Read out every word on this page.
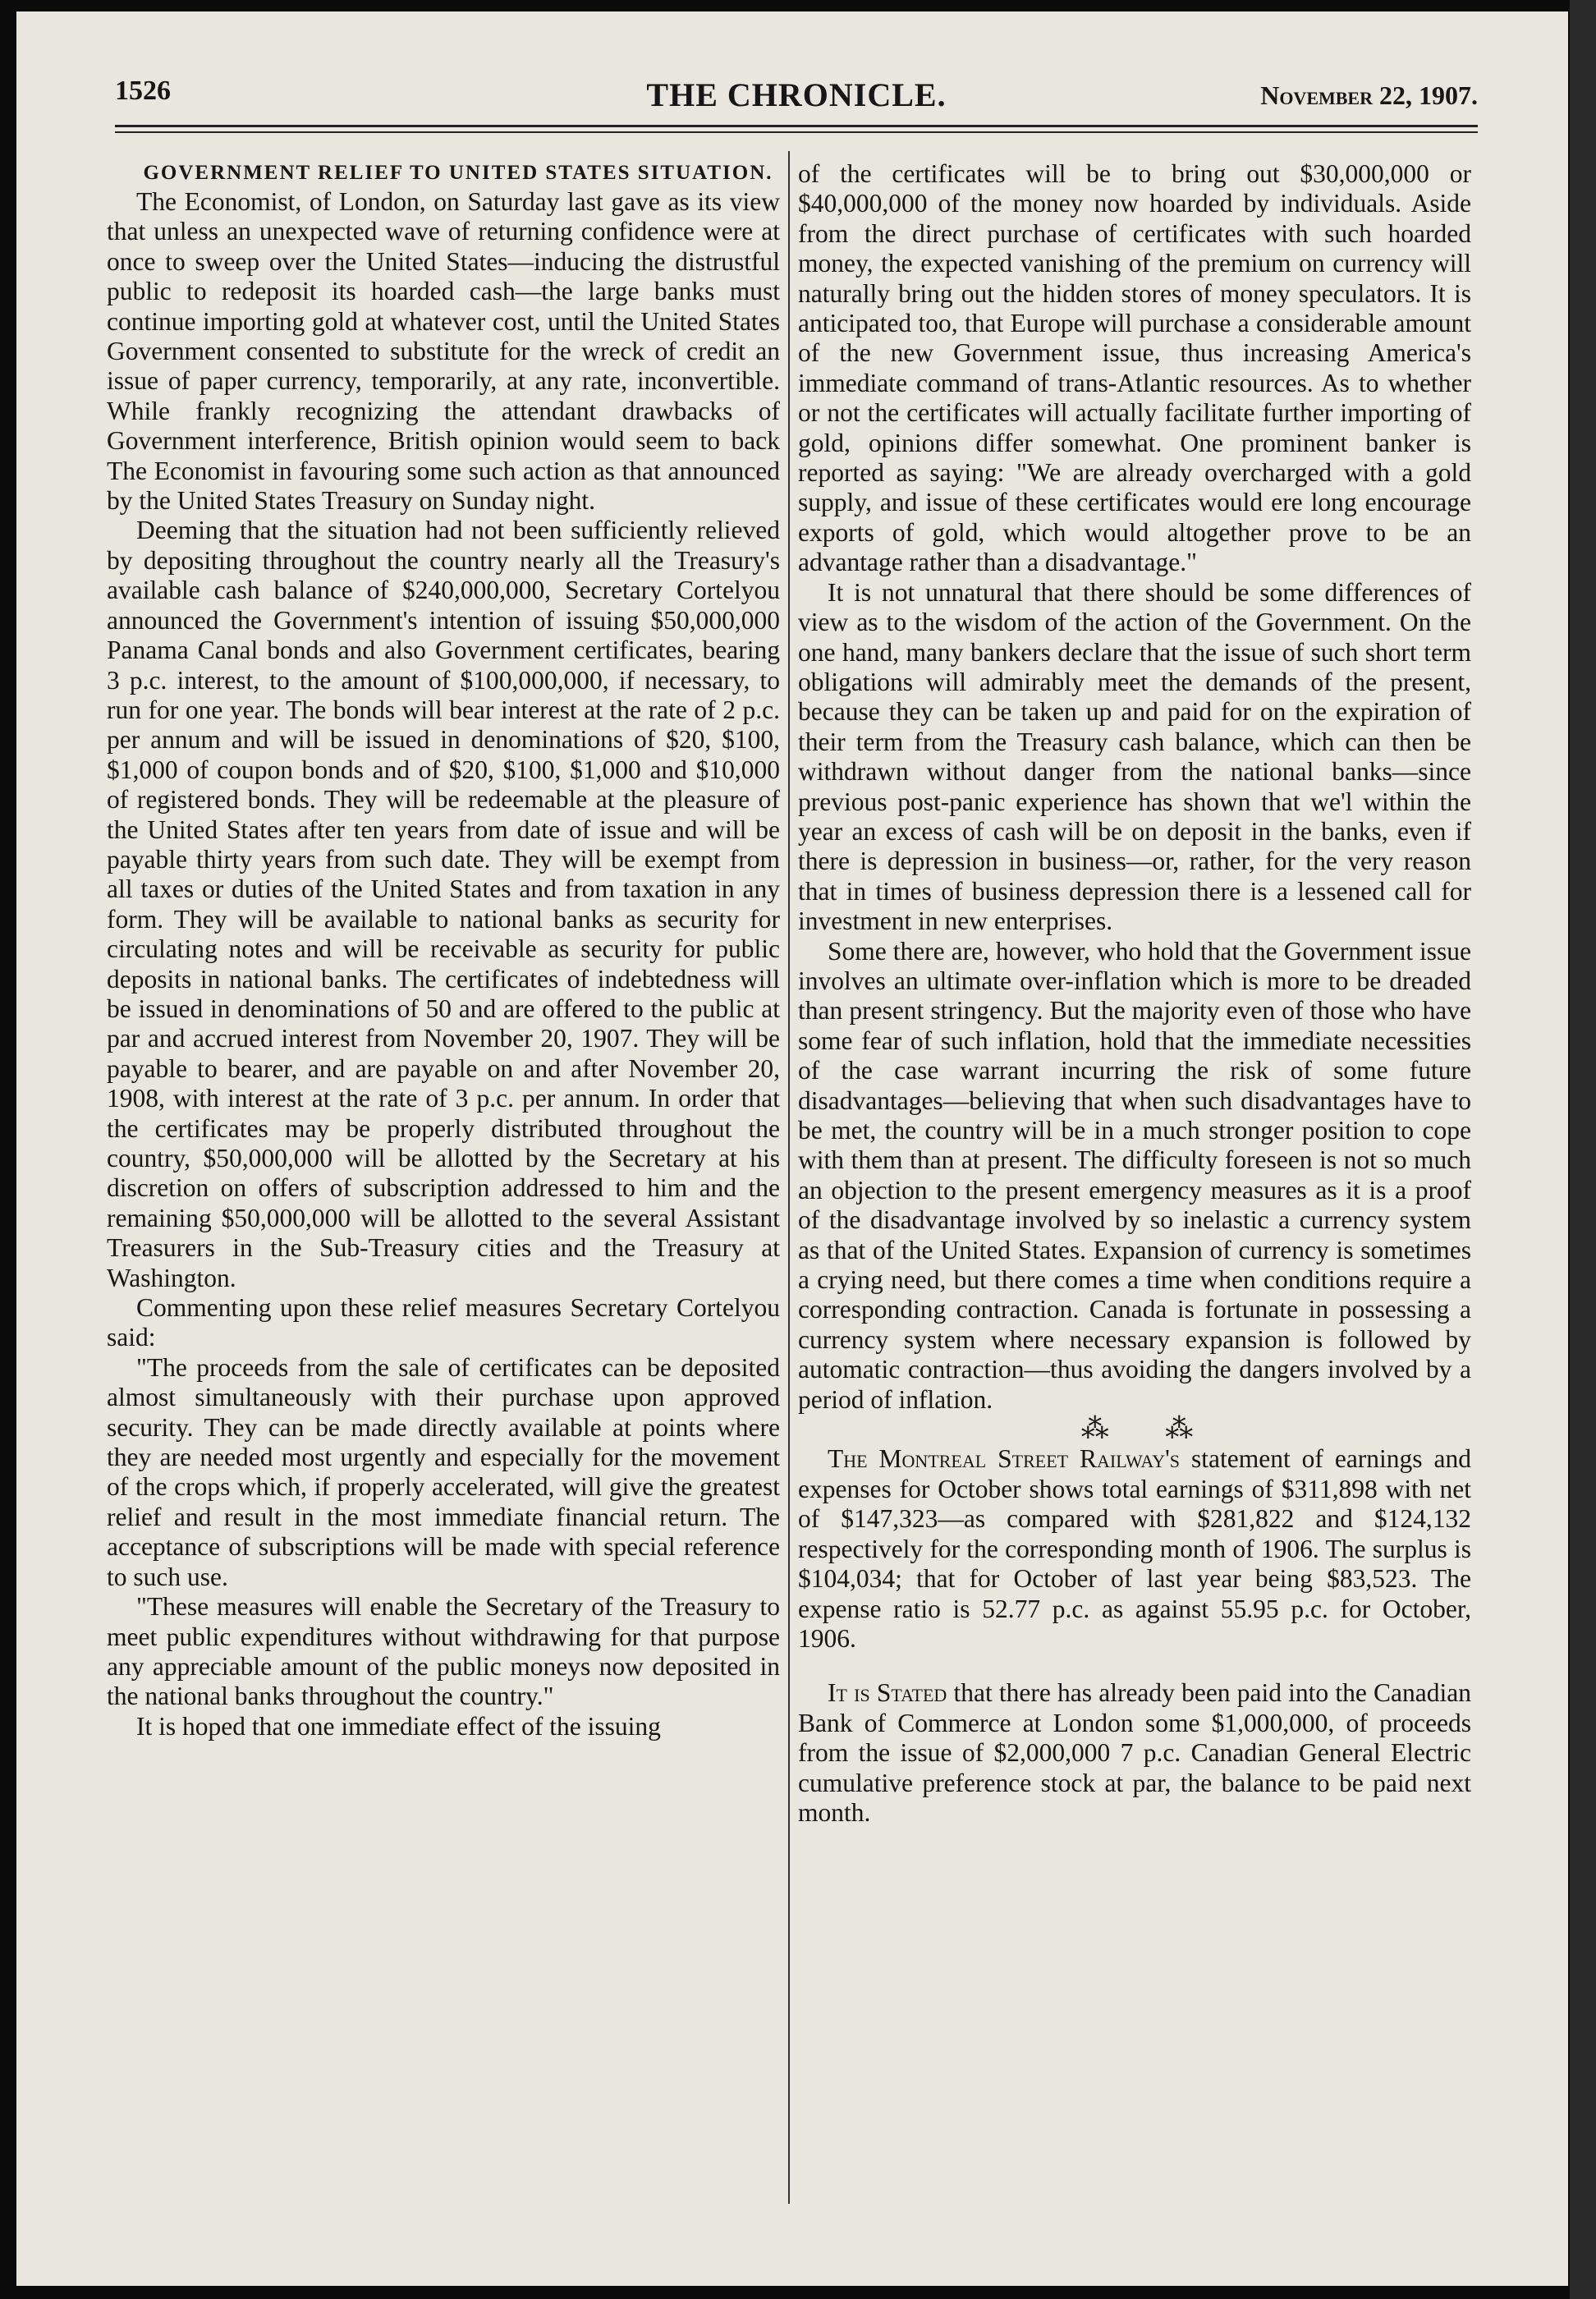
1526	THE CHRONICLE.	November 22, 1907.

GOVERNMENT RELIEF TO UNITED STATES SITUATION.

The Economist, of London, on Saturday last gave as its view that unless an unexpected wave of returning confidence were at once to sweep over the United States—inducing the distrustful public to redeposit its hoarded cash—the large banks must continue importing gold at whatever cost, until the United States Government consented to substitute for the wreck of credit an issue of paper currency, temporarily, at any rate, inconvertible. While frankly recognizing the attendant drawbacks of Government interference, British opinion would seem to back The Economist in favouring some such action as that announced by the United States Treasury on Sunday night.

Deeming that the situation had not been sufficiently relieved by depositing throughout the country nearly all the Treasury's available cash balance of $240,000,000, Secretary Cortelyou announced the Government's intention of issuing $50,000,000 Panama Canal bonds and also Government certificates, bearing 3 p.c. interest, to the amount of $100,000,000, if necessary, to run for one year. The bonds will bear interest at the rate of 2 p.c. per annum and will be issued in denominations of $20, $100, $1,000 of coupon bonds and of $20, $100, $1,000 and $10,000 of registered bonds. They will be redeemable at the pleasure of the United States after ten years from date of issue and will be payable thirty years from such date. They will be exempt from all taxes or duties of the United States and from taxation in any form. They will be available to national banks as security for circulating notes and will be receivable as security for public deposits in national banks. The certificates of indebtedness will be issued in denominations of 50 and are offered to the public at par and accrued interest from November 20, 1907. They will be payable to bearer, and are payable on and after November 20, 1908, with interest at the rate of 3 p.c. per annum. In order that the certificates may be properly distributed throughout the country, $50,000,000 will be allotted by the Secretary at his discretion on offers of subscription addressed to him and the remaining $50,000,000 will be allotted to the several Assistant Treasurers in the Sub-Treasury cities and the Treasury at Washington.

Commenting upon these relief measures Secretary Cortelyou said:

"The proceeds from the sale of certificates can be deposited almost simultaneously with their purchase upon approved security. They can be made directly available at points where they are needed most urgently and especially for the movement of the crops which, if properly accelerated, will give the greatest relief and result in the most immediate financial return. The acceptance of subscriptions will be made with special reference to such use.

"These measures will enable the Secretary of the Treasury to meet public expenditures without withdrawing for that purpose any appreciable amount of the public moneys now deposited in the national banks throughout the country."

It is hoped that one immediate effect of the issuing

of the certificates will be to bring out $30,000,000 or $40,000,000 of the money now hoarded by individuals. Aside from the direct purchase of certificates with such hoarded money, the expected vanishing of the premium on currency will naturally bring out the hidden stores of money speculators. It is anticipated too, that Europe will purchase a considerable amount of the new Government issue, thus increasing America's immediate command of trans-Atlantic resources. As to whether or not the certificates will actually facilitate further importing of gold, opinions differ somewhat. One prominent banker is reported as saying: "We are already overcharged with a gold supply, and issue of these certificates would ere long encourage exports of gold, which would altogether prove to be an advantage rather than a disadvantage."

It is not unnatural that there should be some differences of view as to the wisdom of the action of the Government. On the one hand, many bankers declare that the issue of such short term obligations will admirably meet the demands of the present, because they can be taken up and paid for on the expiration of their term from the Treasury cash balance, which can then be withdrawn without danger from the national banks—since previous post-panic experience has shown that we'l within the year an excess of cash will be on deposit in the banks, even if there is depression in business—or, rather, for the very reason that in times of business depression there is a lessened call for investment in new enterprises.

Some there are, however, who hold that the Government issue involves an ultimate over-inflation which is more to be dreaded than present stringency. But the majority even of those who have some fear of such inflation, hold that the immediate necessities of the case warrant incurring the risk of some future disadvantages—believing that when such disadvantages have to be met, the country will be in a much stronger position to cope with them than at present. The difficulty foreseen is not so much an objection to the present emergency measures as it is a proof of the disadvantage involved by so inelastic a currency system as that of the United States. Expansion of currency is sometimes a crying need, but there comes a time when conditions require a corresponding contraction. Canada is fortunate in possessing a currency system where necessary expansion is followed by automatic contraction—thus avoiding the dangers involved by a period of inflation.

⁂ ⁂

The Montreal Street Railway's statement of earnings and expenses for October shows total earnings of $311,898 with net of $147,323—as compared with $281,822 and $124,132 respectively for the corresponding month of 1906. The surplus is $104,034; that for October of last year being $83,523. The expense ratio is 52.77 p.c. as against 55.95 p.c. for October, 1906.

It is Stated that there has already been paid into the Canadian Bank of Commerce at London some $1,000,000, of proceeds from the issue of $2,000,000 7 p.c. Canadian General Electric cumulative preference stock at par, the balance to be paid next month.
